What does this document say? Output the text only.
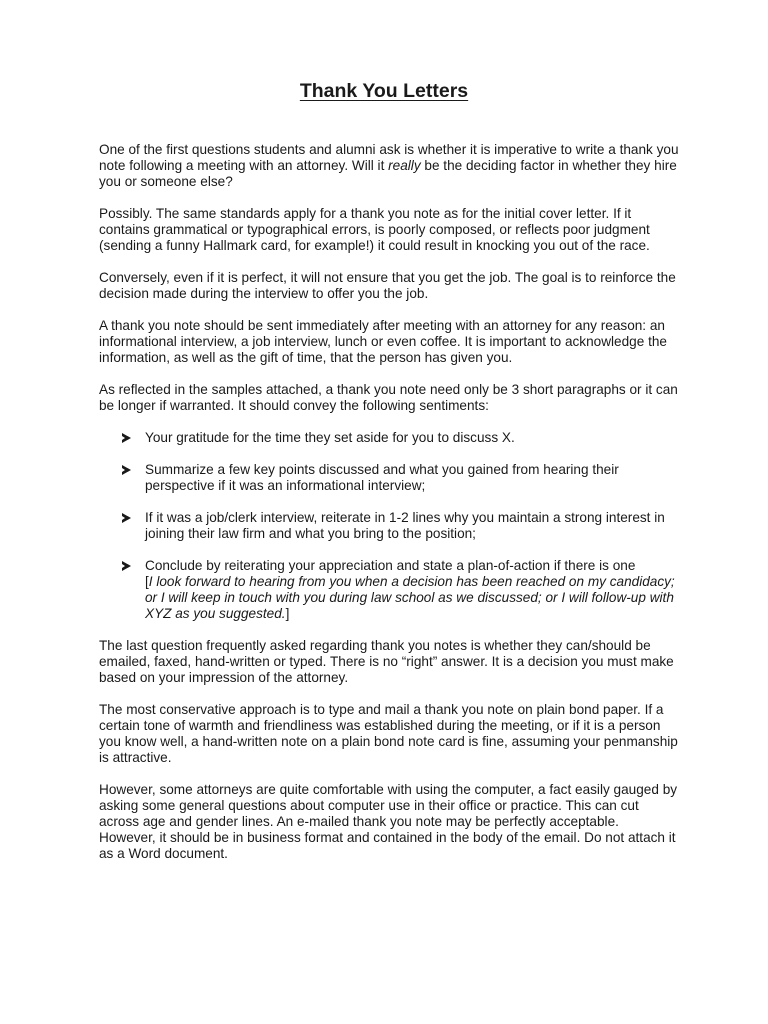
Thank You Letters

One of the first questions students and alumni ask is whether it is imperative to write a thank you note following a meeting with an attorney. Will it really be the deciding factor in whether they hire you or someone else?

Possibly. The same standards apply for a thank you note as for the initial cover letter. If it contains grammatical or typographical errors, is poorly composed, or reflects poor judgment (sending a funny Hallmark card, for example!) it could result in knocking you out of the race.

Conversely, even if it is perfect, it will not ensure that you get the job. The goal is to reinforce the decision made during the interview to offer you the job.

A thank you note should be sent immediately after meeting with an attorney for any reason: an informational interview, a job interview, lunch or even coffee. It is important to acknowledge the information, as well as the gift of time, that the person has given you.

As reflected in the samples attached, a thank you note need only be 3 short paragraphs or it can be longer if warranted. It should convey the following sentiments:

Your gratitude for the time they set aside for you to discuss X.
Summarize a few key points discussed and what you gained from hearing their perspective if it was an informational interview;
If it was a job/clerk interview, reiterate in 1-2 lines why you maintain a strong interest in joining their law firm and what you bring to the position;
Conclude by reiterating your appreciation and state a plan-of-action if there is one
[I look forward to hearing from you when a decision has been reached on my candidacy; or I will keep in touch with you during law school as we discussed; or I will follow-up with XYZ as you suggested.]

The last question frequently asked regarding thank you notes is whether they can/should be emailed, faxed, hand-written or typed. There is no “right” answer. It is a decision you must make based on your impression of the attorney.

The most conservative approach is to type and mail a thank you note on plain bond paper. If a certain tone of warmth and friendliness was established during the meeting, or if it is a person you know well, a hand-written note on a plain bond note card is fine, assuming your penmanship is attractive.

However, some attorneys are quite comfortable with using the computer, a fact easily gauged by asking some general questions about computer use in their office or practice. This can cut across age and gender lines. An e-mailed thank you note may be perfectly acceptable. However, it should be in business format and contained in the body of the email. Do not attach it as a Word document.
